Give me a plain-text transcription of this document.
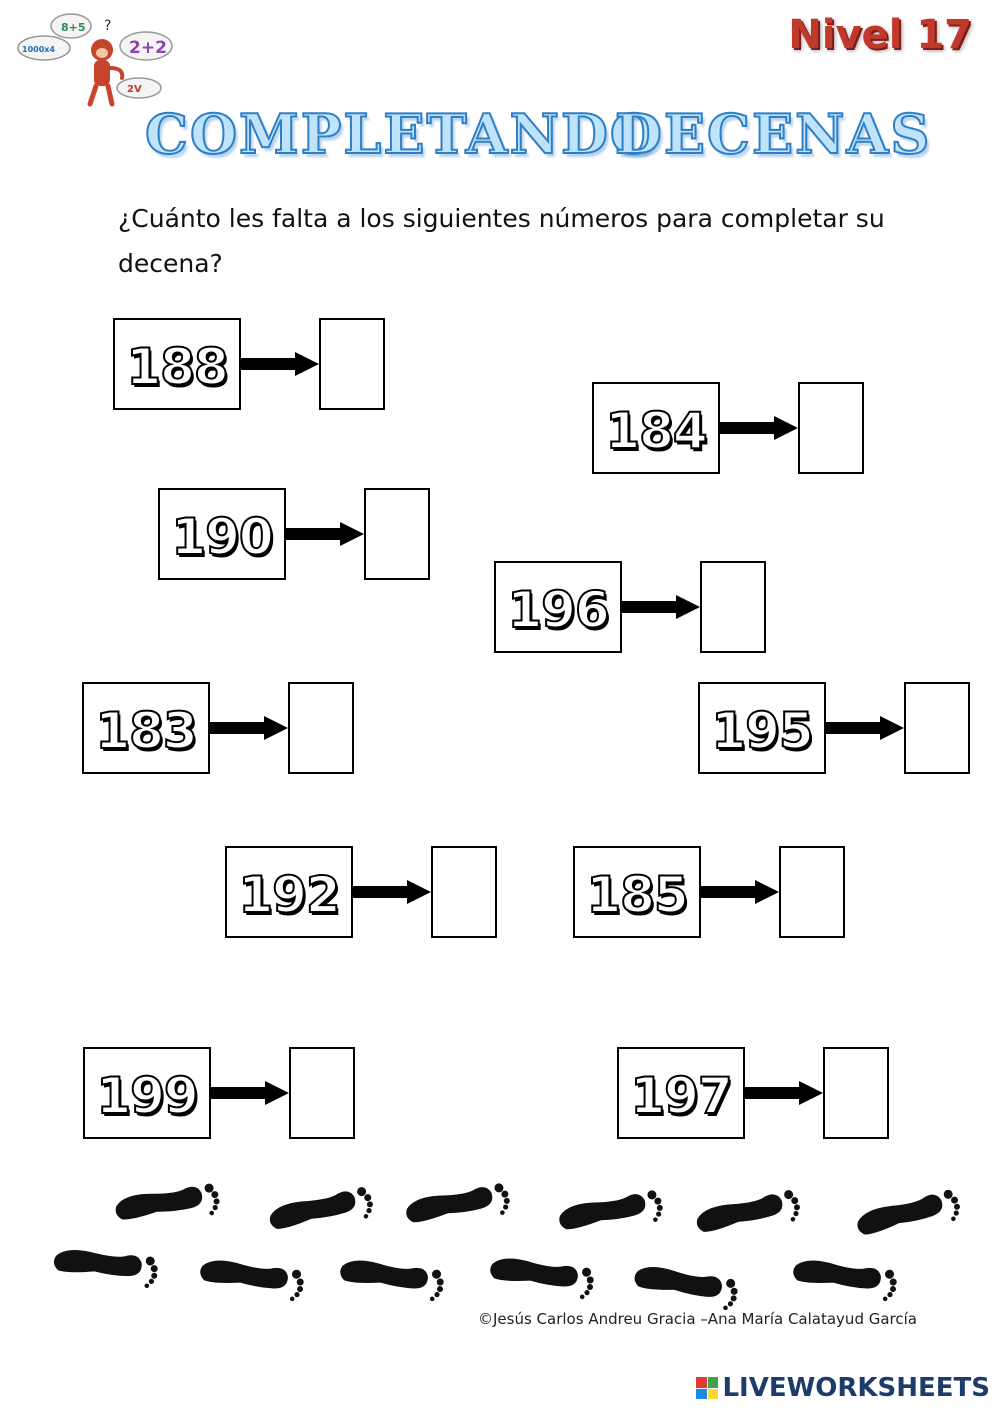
8+5
1000x4	2+2
2V
?	Nivel 17
COMPLETANDO
DECENAS
¿Cuánto les falta a los siguientes números para completar su decena?
188
184
190
196
183	195
192	185
199	197
©Jesús Carlos Andreu Gracia –Ana María Calatayud García
LIVEWORKSHEETS
